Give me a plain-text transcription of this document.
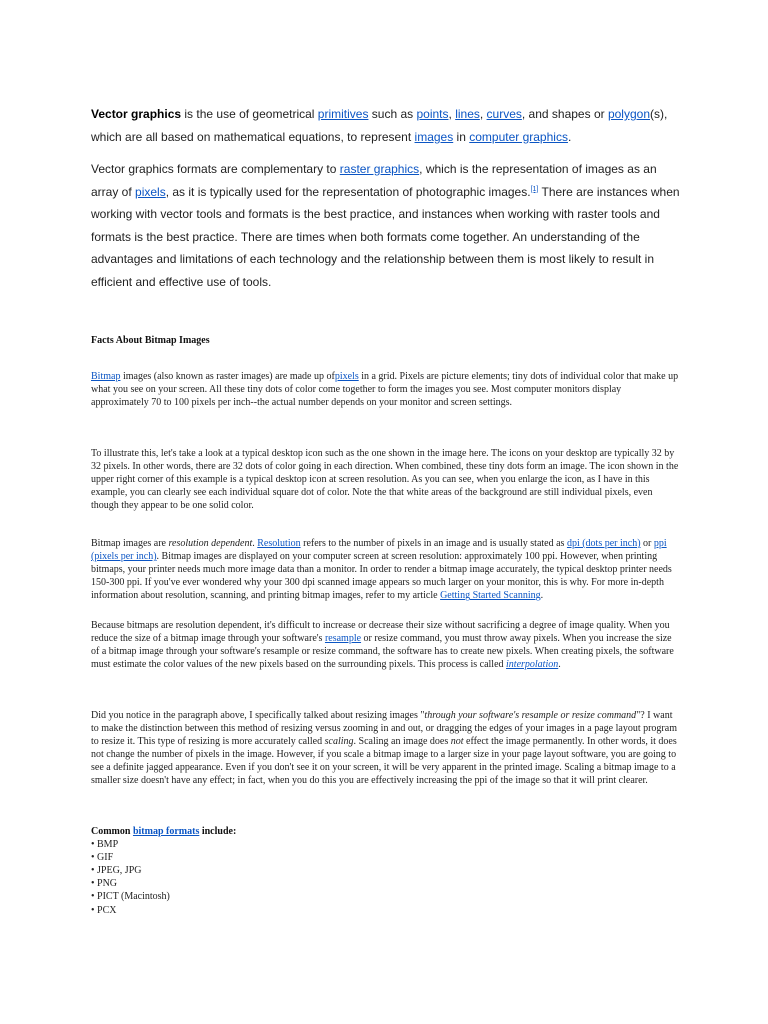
Vector graphics is the use of geometrical primitives such as points, lines, curves, and shapes or polygon(s), which are all based on mathematical equations, to represent images in computer graphics.

Vector graphics formats are complementary to raster graphics, which is the representation of images as an array of pixels, as it is typically used for the representation of photographic images.[1] There are instances when working with vector tools and formats is the best practice, and instances when working with raster tools and formats is the best practice. There are times when both formats come together. An understanding of the advantages and limitations of each technology and the relationship between them is most likely to result in efficient and effective use of tools.

Facts About Bitmap Images

Bitmap images (also known as raster images) are made up ofpixels in a grid. Pixels are picture elements; tiny dots of individual color that make up what you see on your screen. All these tiny dots of color come together to form the images you see. Most computer monitors display approximately 70 to 100 pixels per inch--the actual number depends on your monitor and screen settings.

To illustrate this, let's take a look at a typical desktop icon such as the one shown in the image here. The icons on your desktop are typically 32 by 32 pixels. In other words, there are 32 dots of color going in each direction. When combined, these tiny dots form an image. The icon shown in the upper right corner of this example is a typical desktop icon at screen resolution. As you can see, when you enlarge the icon, as I have in this example, you can clearly see each individual square dot of color. Note the that white areas of the background are still individual pixels, even though they appear to be one solid color.

Bitmap images are resolution dependent. Resolution refers to the number of pixels in an image and is usually stated as dpi (dots per inch) or ppi (pixels per inch). Bitmap images are displayed on your computer screen at screen resolution: approximately 100 ppi. However, when printing bitmaps, your printer needs much more image data than a monitor. In order to render a bitmap image accurately, the typical desktop printer needs 150-300 ppi. If you've ever wondered why your 300 dpi scanned image appears so much larger on your monitor, this is why. For more in-depth information about resolution, scanning, and printing bitmap images, refer to my article Getting Started Scanning.

Because bitmaps are resolution dependent, it's difficult to increase or decrease their size without sacrificing a degree of image quality. When you reduce the size of a bitmap image through your software's resample or resize command, you must throw away pixels. When you increase the size of a bitmap image through your software's resample or resize command, the software has to create new pixels. When creating pixels, the software must estimate the color values of the new pixels based on the surrounding pixels. This process is called interpolation.

Did you notice in the paragraph above, I specifically talked about resizing images "through your software's resample or resize command"? I want to make the distinction between this method of resizing versus zooming in and out, or dragging the edges of your images in a page layout program to resize it. This type of resizing is more accurately called scaling. Scaling an image does not effect the image permanently. In other words, it does not change the number of pixels in the image. However, if you scale a bitmap image to a larger size in your page layout software, you are going to see a definite jagged appearance. Even if you don't see it on your screen, it will be very apparent in the printed image. Scaling a bitmap image to a smaller size doesn't have any effect; in fact, when you do this you are effectively increasing the ppi of the image so that it will print clearer.

Common bitmap formats include:
• BMP
• GIF
• JPEG, JPG
• PNG
• PICT (Macintosh)
• PCX
